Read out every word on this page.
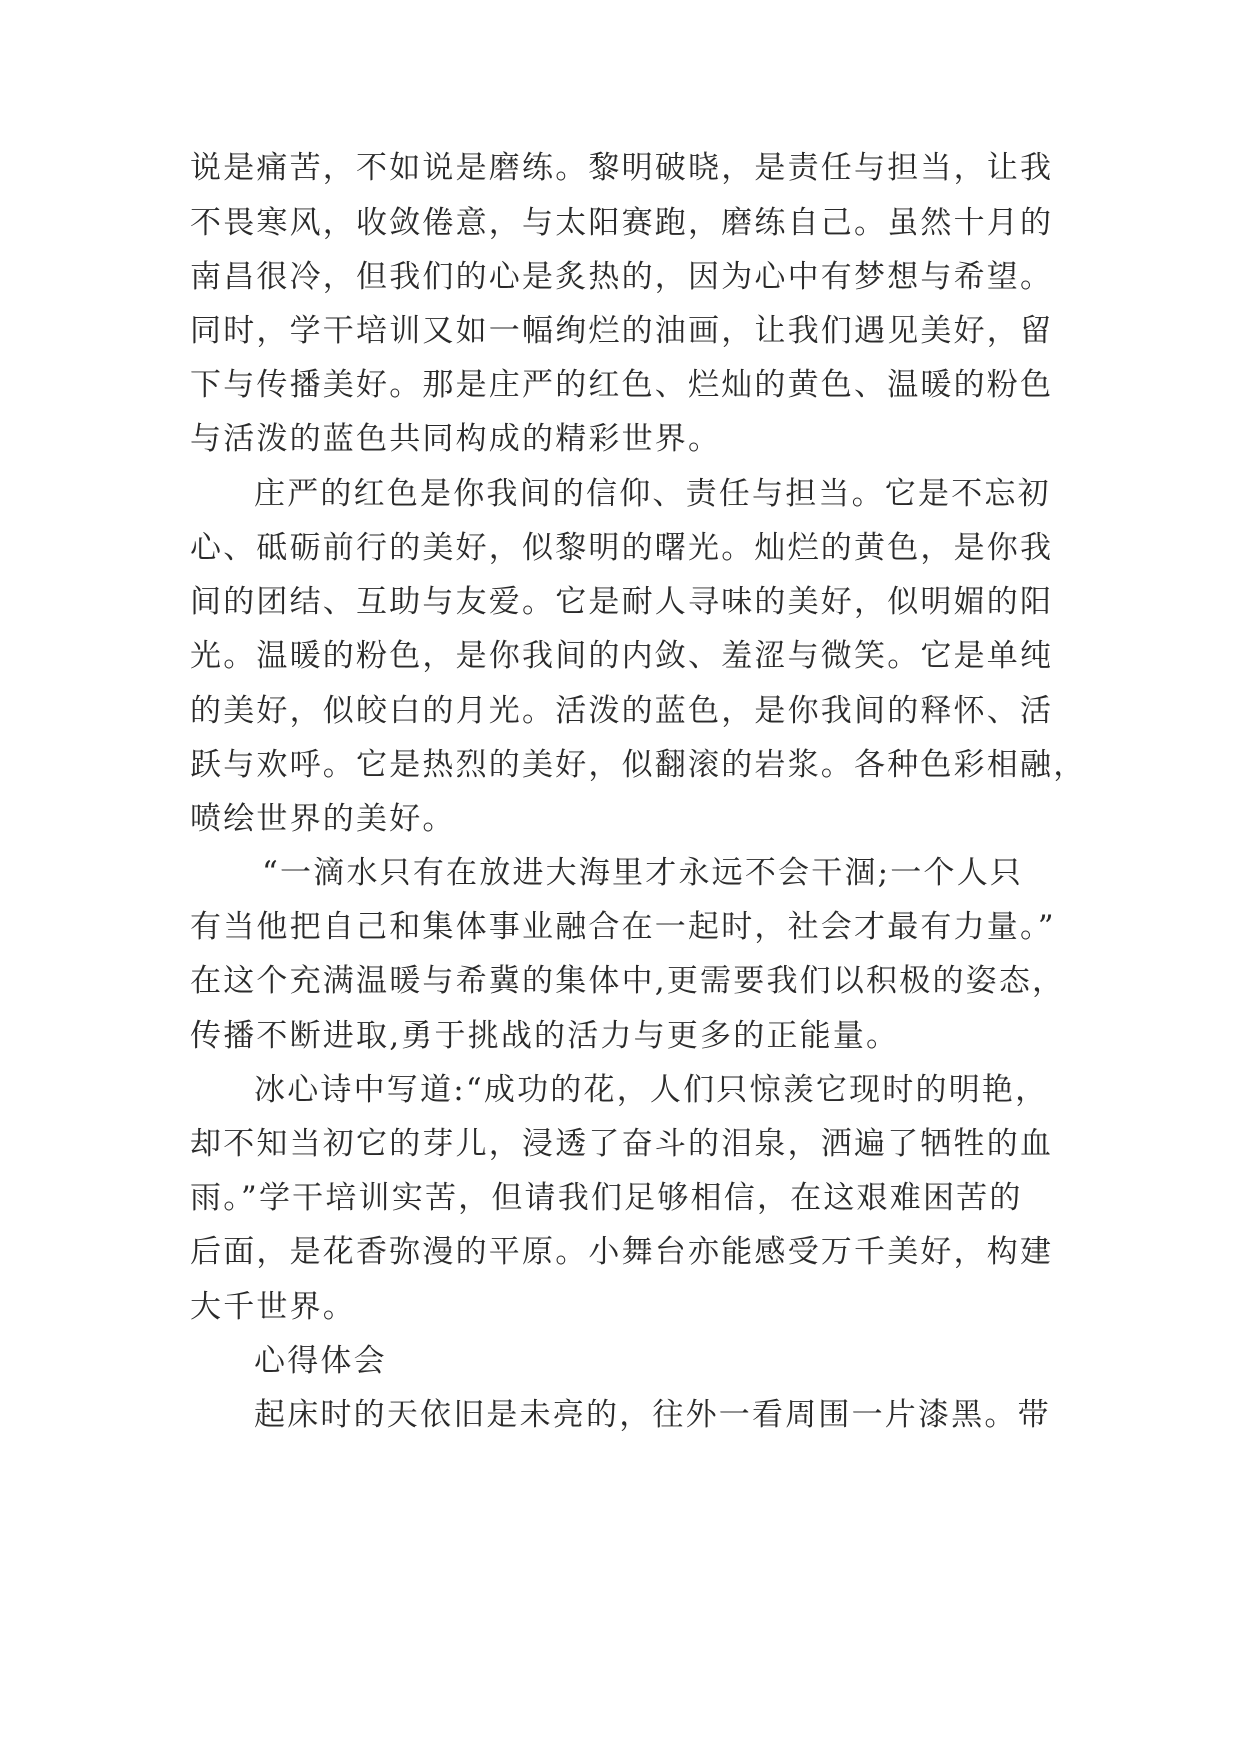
说是痛苦，不如说是磨练。黎明破晓，是责任与担当，让我
不畏寒风，收敛倦意，与太阳赛跑，磨练自己。虽然十月的
南昌很冷，但我们的心是炙热的，因为心中有梦想与希望。
同时，学干培训又如一幅绚烂的油画，让我们遇见美好，留
下与传播美好。那是庄严的红色、烂灿的黄色、温暖的粉色
与活泼的蓝色共同构成的精彩世界。
庄严的红色是你我间的信仰、责任与担当。它是不忘初
心、砥砺前行的美好，似黎明的曙光。灿烂的黄色，是你我
间的团结、互助与友爱。它是耐人寻味的美好，似明媚的阳
光。温暖的粉色，是你我间的内敛、羞涩与微笑。它是单纯
的美好，似皎白的月光。活泼的蓝色，是你我间的释怀、活
跃与欢呼。它是热烈的美好，似翻滚的岩浆。各种色彩相融，
喷绘世界的美好。
“一滴水只有在放进大海里才永远不会干涸;一个人只
有当他把自己和集体事业融合在一起时，社会才最有力量。”
在这个充满温暖与希冀的集体中,更需要我们以积极的姿态，
传播不断进取,勇于挑战的活力与更多的正能量。
冰心诗中写道:“成功的花，人们只惊羡它现时的明艳，
却不知当初它的芽儿，浸透了奋斗的泪泉，洒遍了牺牲的血
雨。”学干培训实苦，但请我们足够相信，在这艰难困苦的
后面，是花香弥漫的平原。小舞台亦能感受万千美好，构建
大千世界。
心得体会
起床时的天依旧是未亮的，往外一看周围一片漆黑。带
